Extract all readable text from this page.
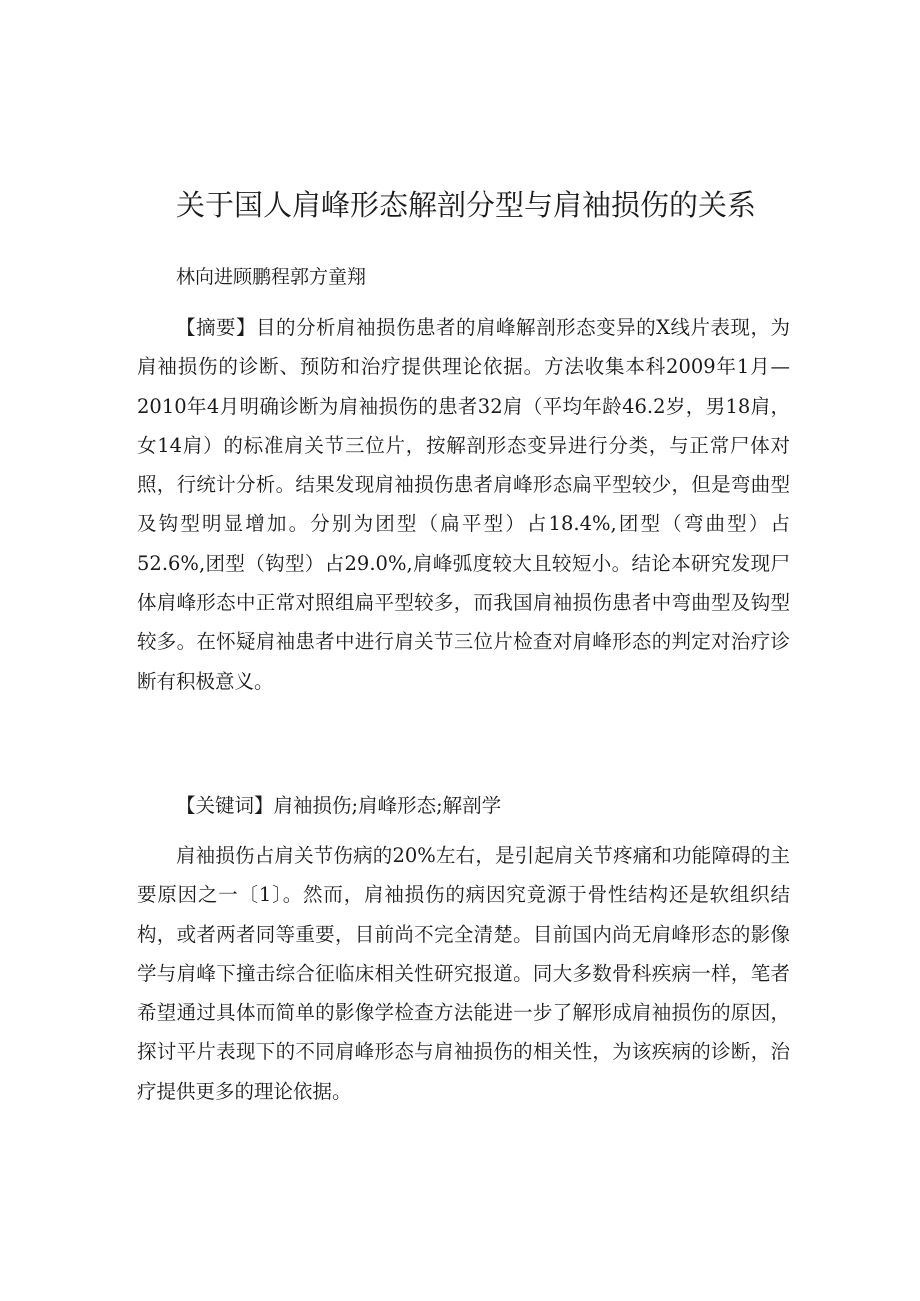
关于国人肩峰形态解剖分型与肩袖损伤的关系
林向进顾鹏程郭方童翔

【摘要】目的分析肩袖损伤患者的肩峰解剖形态变异的X线片表现，为肩袖损伤的诊断、预防和治疗提供理论依据。方法收集本科2009年1月—2010年4月明确诊断为肩袖损伤的患者32肩（平均年龄46.2岁，男18肩，女14肩）的标准肩关节三位片，按解剖形态变异进行分类，与正常尸体对照，行统计分析。结果发现肩袖损伤患者肩峰形态扁平型较少，但是弯曲型及钩型明显增加。分别为团型（扁平型）占18.4%,团型（弯曲型）占52.6%,团型（钩型）占29.0%,肩峰弧度较大且较短小。结论本研究发现尸体肩峰形态中正常对照组扁平型较多，而我国肩袖损伤患者中弯曲型及钩型较多。在怀疑肩袖患者中进行肩关节三位片检查对肩峰形态的判定对治疗诊断有积极意义。

【关键词】肩袖损伤;肩峰形态;解剖学

肩袖损伤占肩关节伤病的20%左右，是引起肩关节疼痛和功能障碍的主要原因之一〔1〕。然而，肩袖损伤的病因究竟源于骨性结构还是软组织结构，或者两者同等重要，目前尚不完全清楚。目前国内尚无肩峰形态的影像学与肩峰下撞击综合征临床相关性研究报道。同大多数骨科疾病一样，笔者希望通过具体而简单的影像学检查方法能进一步了解形成肩袖损伤的原因，探讨平片表现下的不同肩峰形态与肩袖损伤的相关性，为该疾病的诊断，治疗提供更多的理论依据。
